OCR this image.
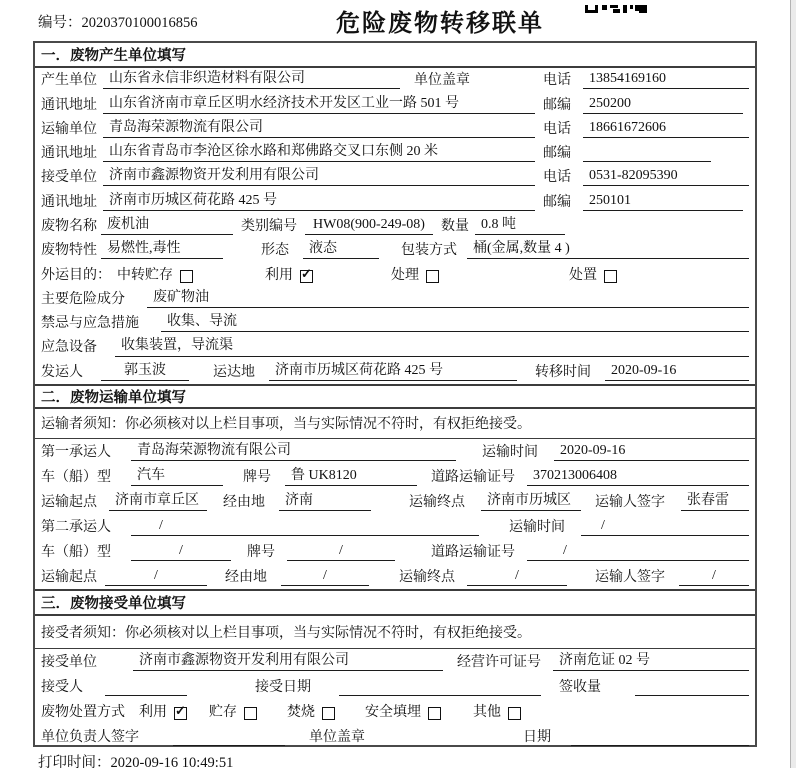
编号：2020370100016856	危险废物转移联单
一．废物产生单位填写
产生单位 山东省永信非织造材料有限公司	单位盖章	电话	13854169160
通讯地址 山东省济南市章丘区明水经济技术开发区工业一路 501 号	邮编	250200
运输单位 青岛海荣源物流有限公司	电话	18661672606
通讯地址 山东省青岛市李沧区徐水路和郑佛路交叉口东侧 20 米	邮编
接受单位 济南市鑫源物资开发利用有限公司	电话	0531-82095390
通讯地址 济南市历城区荷花路 425 号	邮编	250101
废物名称 废机油	类别编号	HW08(900-249-08)	数量 0.8 吨
废物特性 易燃性,毒性	形态	液态	包装方式	桶(金属,数量 4 )
外运目的： 中转贮存	利用 ✓	处理	处置
主要危险成分	废矿物油
禁忌与应急措施	收集、导流
应急设备	收集装置，导流渠
发运人	郭玉波	运达地	济南市历城区荷花路 425 号	转移时间	2020-09-16
二．废物运输单位填写
运输者须知：你必须核对以上栏目事项，当与实际情况不符时，有权拒绝接受。
第一承运人	青岛海荣源物流有限公司	运输时间	2020-09-16
车（船）型	汽车	牌号	鲁 UK8120	道路运输证号	370213006408
运输起点	济南市章丘区	经由地	济南	运输终点	济南市历城区	运输人签字	张春雷
第二承运人	/	运输时间	/
车（船）型	/	牌号	/	道路运输证号	/
运输起点	/	经由地	/	运输终点	/	运输人签字	/
三．废物接受单位填写
接受者须知：你必须核对以上栏目事项，当与实际情况不符时，有权拒绝接受。
接受单位	济南市鑫源物资开发利用有限公司	经营许可证号	济南危证 02 号
接受人	接受日期	签收量
废物处置方式 利用 ✓	贮存	焚烧	安全填埋	其他
单位负责人签字	单位盖章	日期
打印时间：2020-09-16 10:49:51
